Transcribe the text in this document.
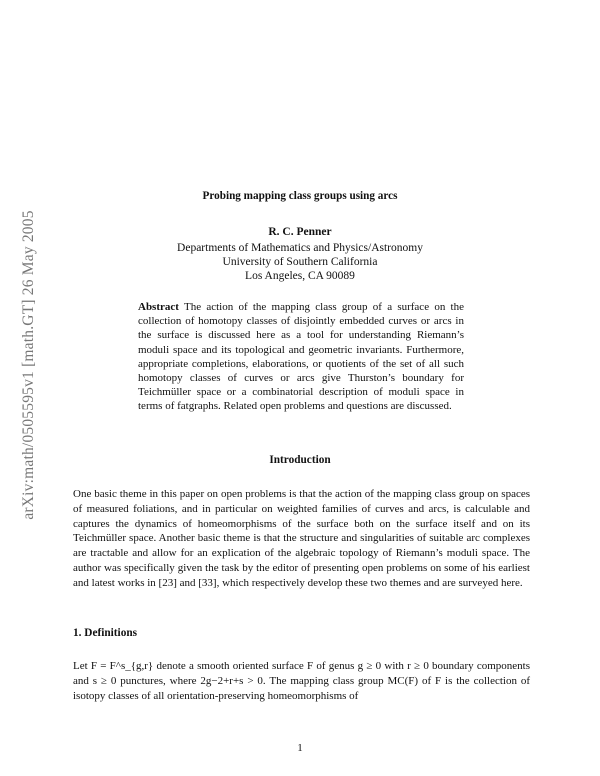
arXiv:math/0505595v1 [math.GT] 26 May 2005
Probing mapping class groups using arcs
R. C. Penner
Departments of Mathematics and Physics/Astronomy
University of Southern California
Los Angeles, CA 90089
Abstract The action of the mapping class group of a surface on the collection of homotopy classes of disjointly embedded curves or arcs in the surface is discussed here as a tool for understanding Riemann’s moduli space and its topological and geometric invariants. Furthermore, appropriate completions, elaborations, or quotients of the set of all such homotopy classes of curves or arcs give Thurston’s boundary for Teichmüller space or a combinatorial description of moduli space in terms of fatgraphs. Related open problems and questions are discussed.
Introduction
One basic theme in this paper on open problems is that the action of the mapping class group on spaces of measured foliations, and in particular on weighted families of curves and arcs, is calculable and captures the dynamics of homeomorphisms of the surface both on the surface itself and on its Teichmüller space. Another basic theme is that the structure and singularities of suitable arc complexes are tractable and allow for an explication of the algebraic topology of Riemann’s moduli space. The author was specifically given the task by the editor of presenting open problems on some of his earliest and latest works in [23] and [33], which respectively develop these two themes and are surveyed here.
1. Definitions
Let F = F^s_{g,r} denote a smooth oriented surface F of genus g ≥ 0 with r ≥ 0 boundary components and s ≥ 0 punctures, where 2g−2+r+s > 0. The mapping class group MC(F) of F is the collection of isotopy classes of all orientation-preserving homeomorphisms of
1
